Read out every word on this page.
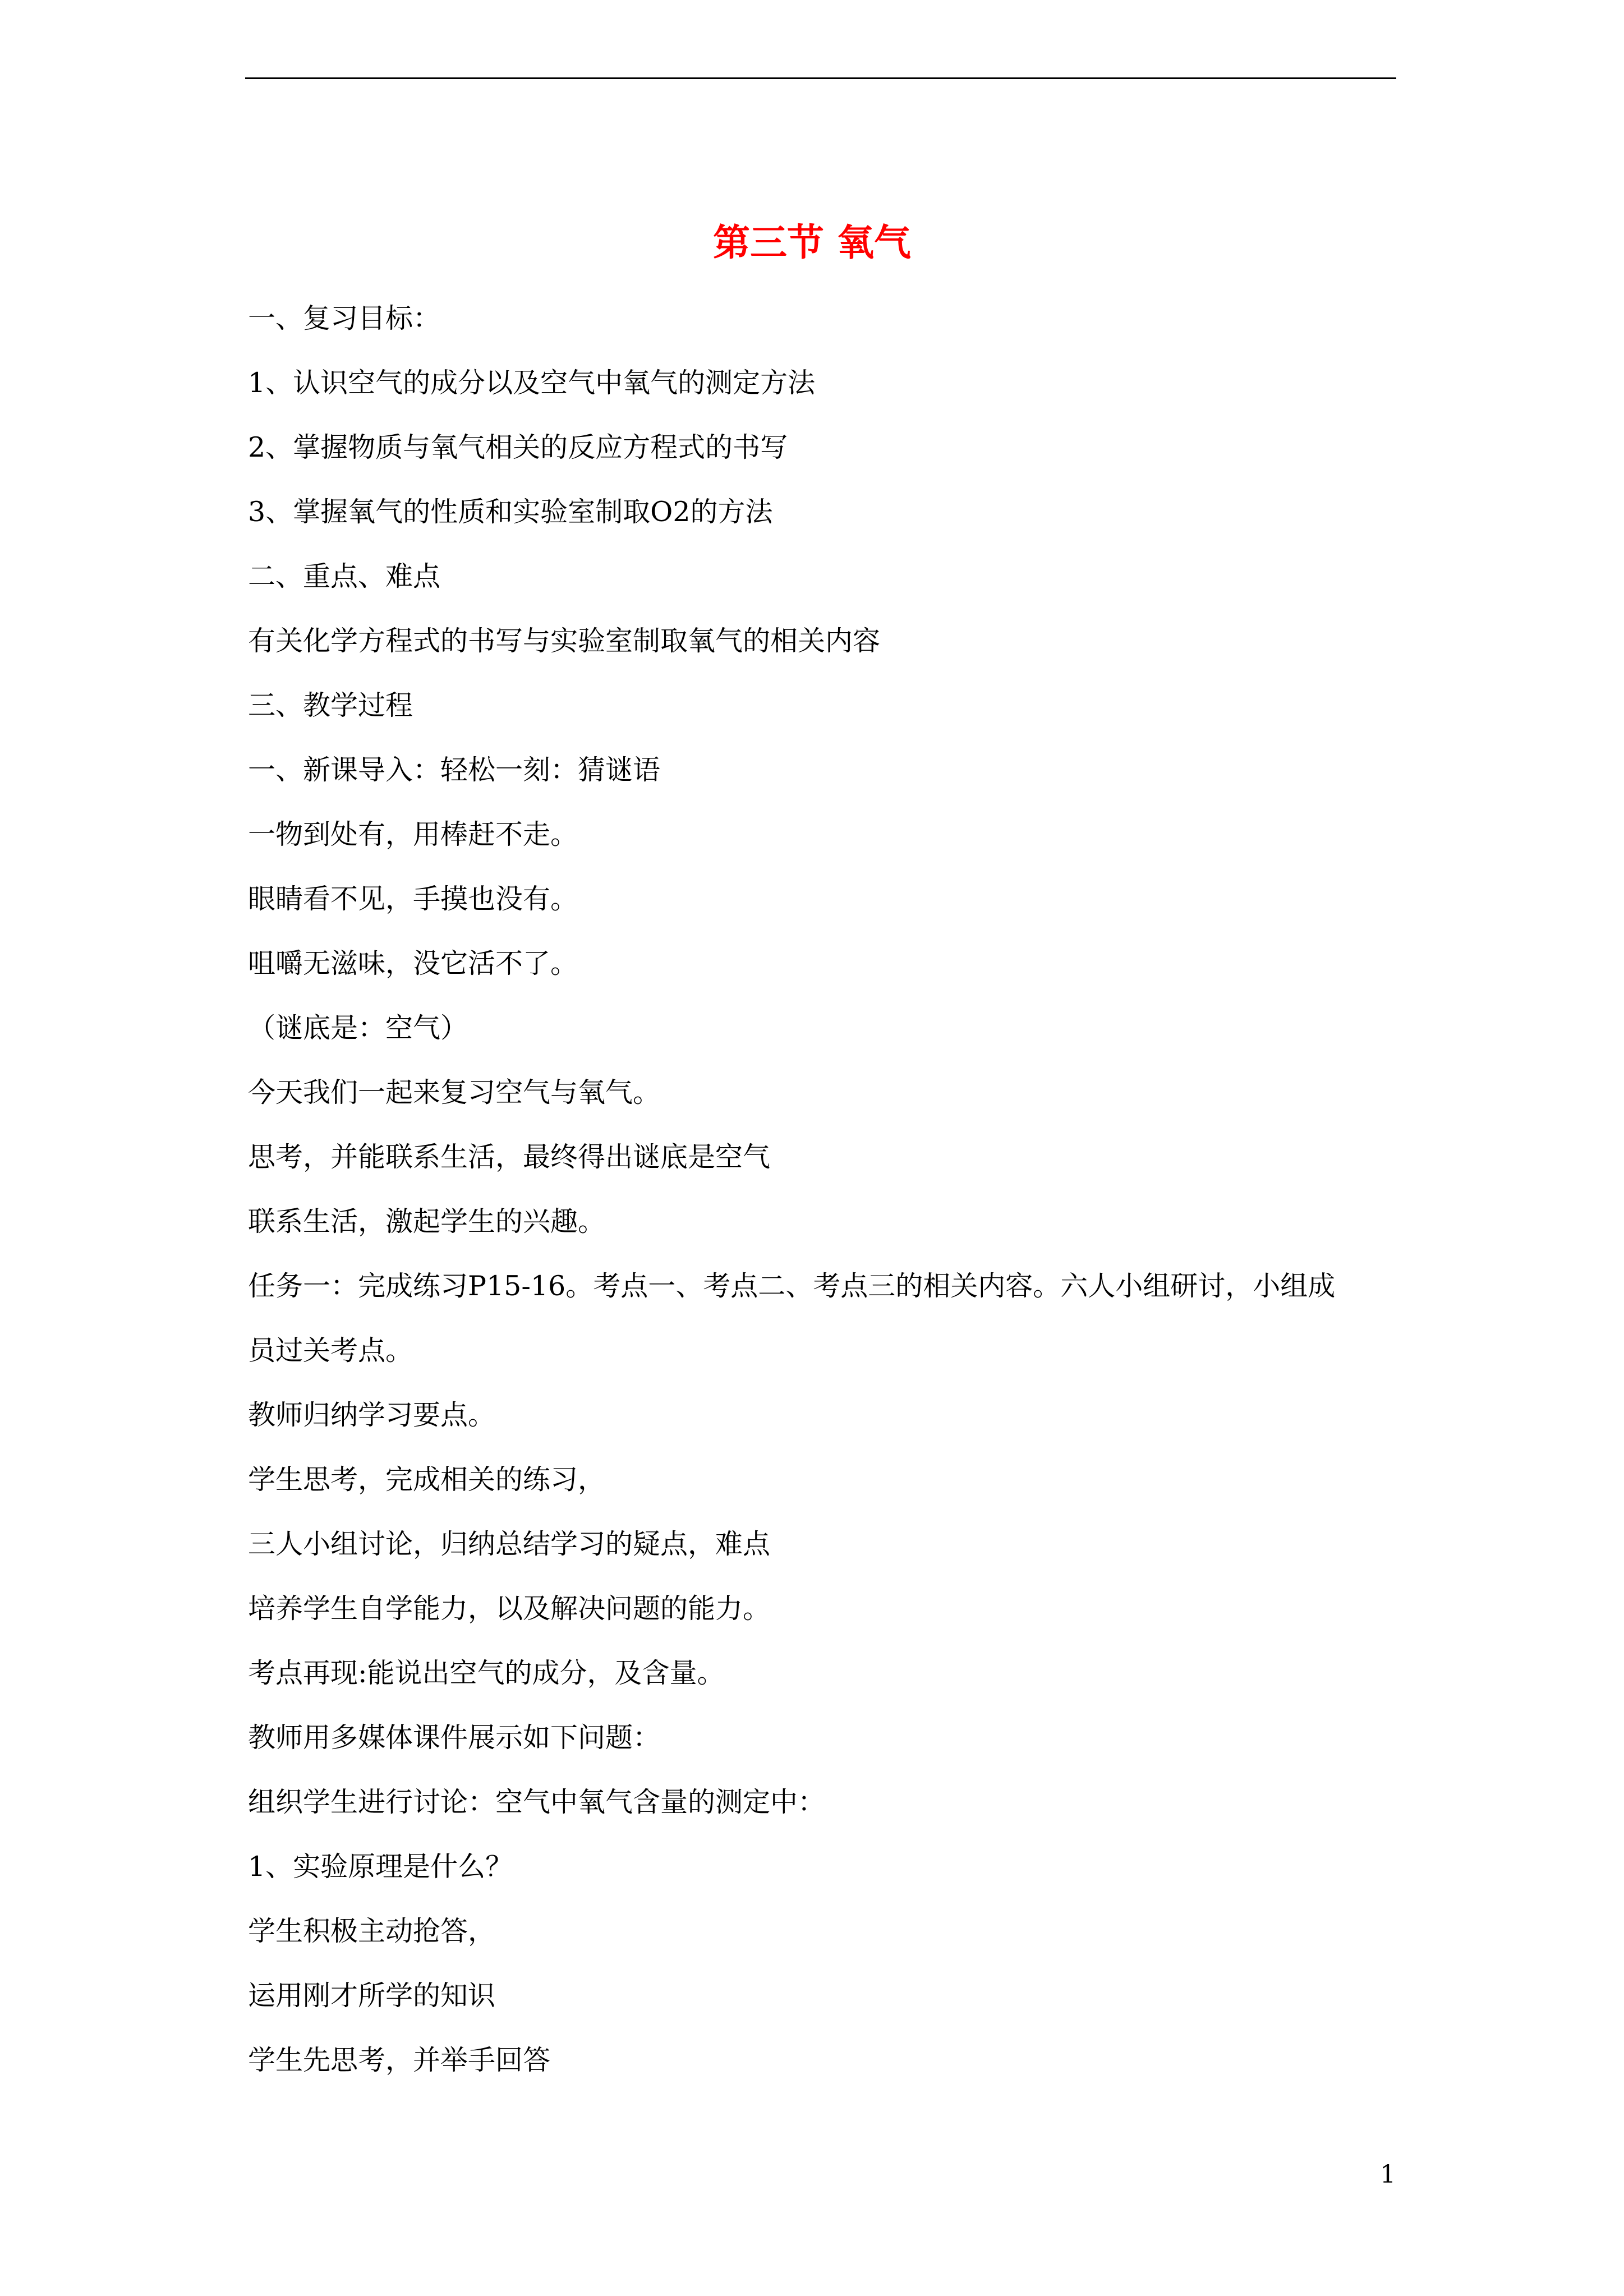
第三节 氧气
一、复习目标：
1、认识空气的成分以及空气中氧气的测定方法
2、掌握物质与氧气相关的反应方程式的书写
3、掌握氧气的性质和实验室制取O2的方法
二、重点、难点
有关化学方程式的书写与实验室制取氧气的相关内容
三、教学过程
一、新课导入：轻松一刻：猜谜语
一物到处有，用棒赶不走。
眼睛看不见，手摸也没有。
咀嚼无滋味，没它活不了。
（谜底是：空气）
今天我们一起来复习空气与氧气。
思考，并能联系生活，最终得出谜底是空气
联系生活，激起学生的兴趣。
任务一：完成练习P15-16。考点一、考点二、考点三的相关内容。六人小组研讨，小组成
员过关考点。
教师归纳学习要点。
学生思考，完成相关的练习，
三人小组讨论，归纳总结学习的疑点，难点
培养学生自学能力，以及解决问题的能力。
考点再现:能说出空气的成分，及含量。
教师用多媒体课件展示如下问题：
组织学生进行讨论：空气中氧气含量的测定中：
1、实验原理是什么？
学生积极主动抢答，
运用刚才所学的知识
学生先思考，并举手回答
1
